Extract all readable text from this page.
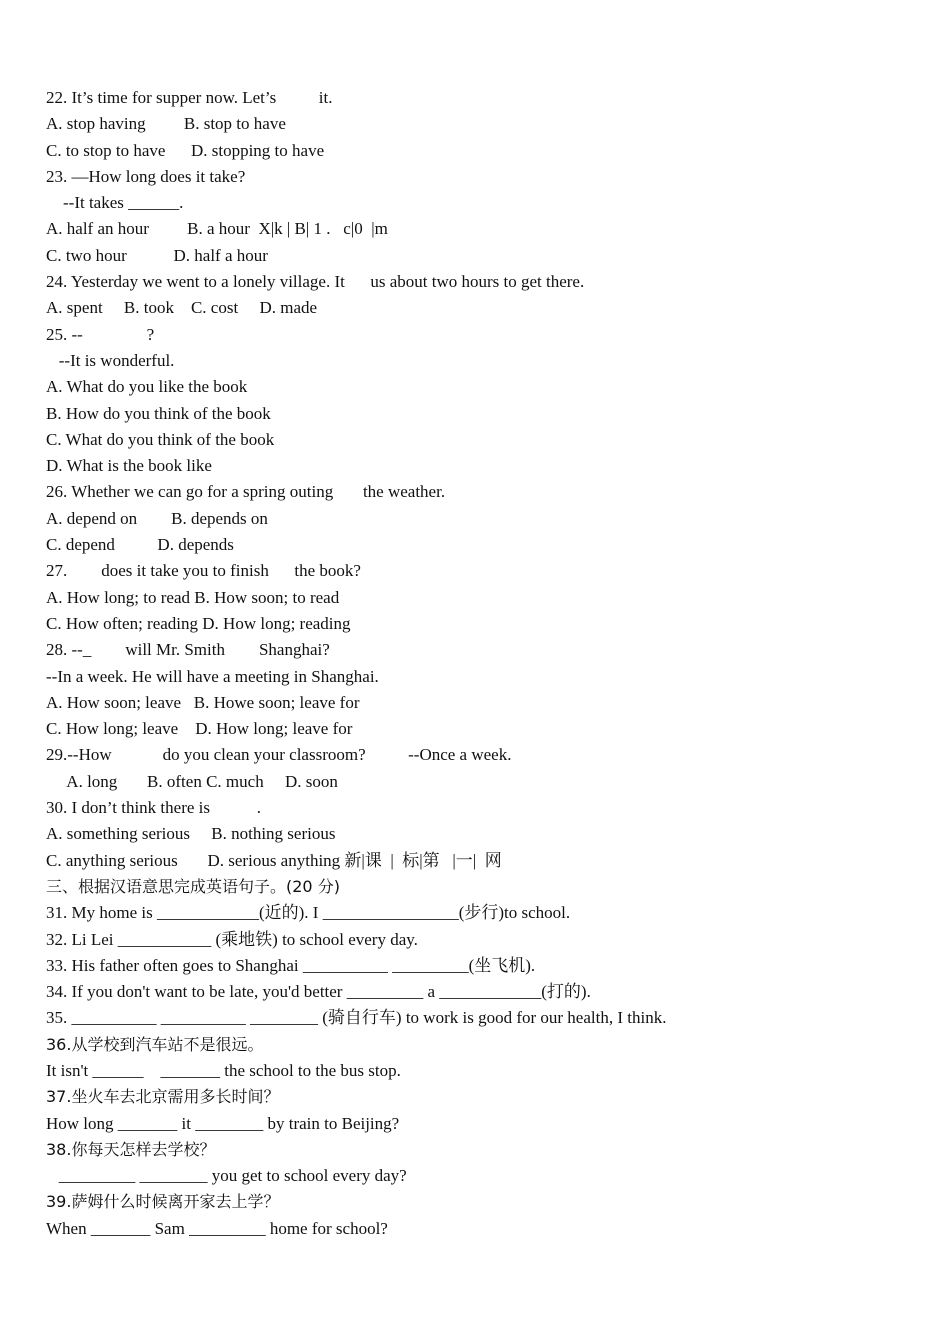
22. It’s time for supper now. Let’s          it.
A. stop having         B. stop to have
C. to stop to have      D. stopping to have
23. —How long does it take?
--It takes ______.
A. half an hour         B. a hour  X|k | B| 1 .   c|0  |m
C. two hour           D. half a hour
24. Yesterday we went to a lonely village. It      us about two hours to get there.
A. spent     B. took    C. cost     D. made
25. --               ?
--It is wonderful.
A. What do you like the book
B. How do you think of the book
C. What do you think of the book
D. What is the book like
26. Whether we can go for a spring outing       the weather.
A. depend on        B. depends on
C. depend          D. depends
27.        does it take you to finish      the book?
A. How long; to read B. How soon; to read
C. How often; reading D. How long; reading
28. --_        will Mr. Smith        Shanghai?
--In a week. He will have a meeting in Shanghai.
A. How soon; leave   B. Howe soon; leave for
C. How long; leave    D. How long; leave for
29.--How            do you clean your classroom?          --Once a week.
A. long       B. often C. much     D. soon
30. I don’t think there is           .
A. something serious     B. nothing serious
C. anything serious       D. serious anything 新|课  |  标|第   |一|  网
三、根据汉语意思完成英语句子。(20 分)
31. My home is ____________(近的). I ________________(步行)to school.
32. Li Lei ___________ (乘地铁) to school every day.
33. His father often goes to Shanghai __________ _________(坐飞机).
34. If you don't want to be late, you'd better _________ a ____________(打的).
35. __________ __________ ________ (骑自行车) to work is good for our health, I think.
36.从学校到汽车站不是很远。
It isn't ______    _______ the school to the bus stop.
37.坐火车去北京需用多长时间？
How long _______ it ________ by train to Beijing?
38.你每天怎样去学校？
_________ ________ you get to school every day?
39.萨姆什么时候离开家去上学？
When _______ Sam _________ home for school?
